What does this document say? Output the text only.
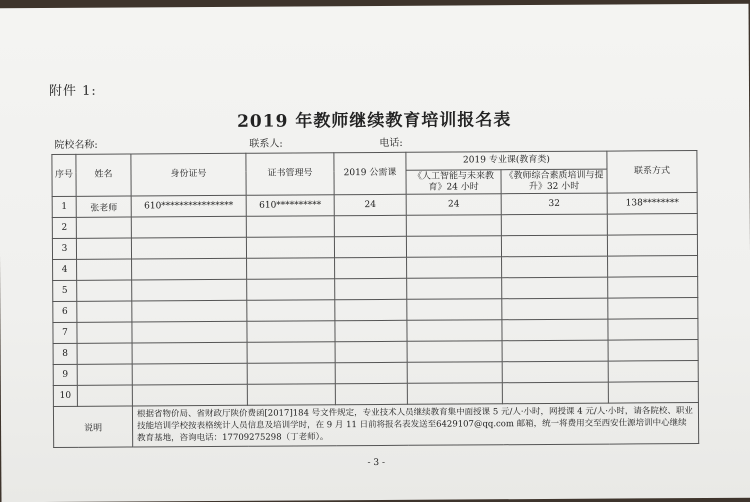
附件 1:
2019 年教师继续教育培训报名表
院校名称:	联系人:	电话:
序号	姓名	身份证号	证书管理号	2019 公需课	2019 专业课(教育类)		联系方式
					《人工智能与未来教育》24 小时	《教师综合素质培训与提升》32 小时	
1	张老师	610****************	610**********	24	24	32	138********
2							
3							
4							
5							
6							
7							
8							
9							
10							
说明		根据省物价局、省财政厅陕价费函[2017]184 号文件规定，专业技术人员继续教育集中面授课 5 元/人·小时，网授课 4 元/人·小时，请各院校、职业技能培训学校按表格统计人员信息及培训学时，在 9 月 11 日前将报名表发送至6429107@qq.com 邮箱，统一将费用交至西安仕源培训中心继续教育基地，咨询电话：17709275298（丁老师）。					
- 3 -
